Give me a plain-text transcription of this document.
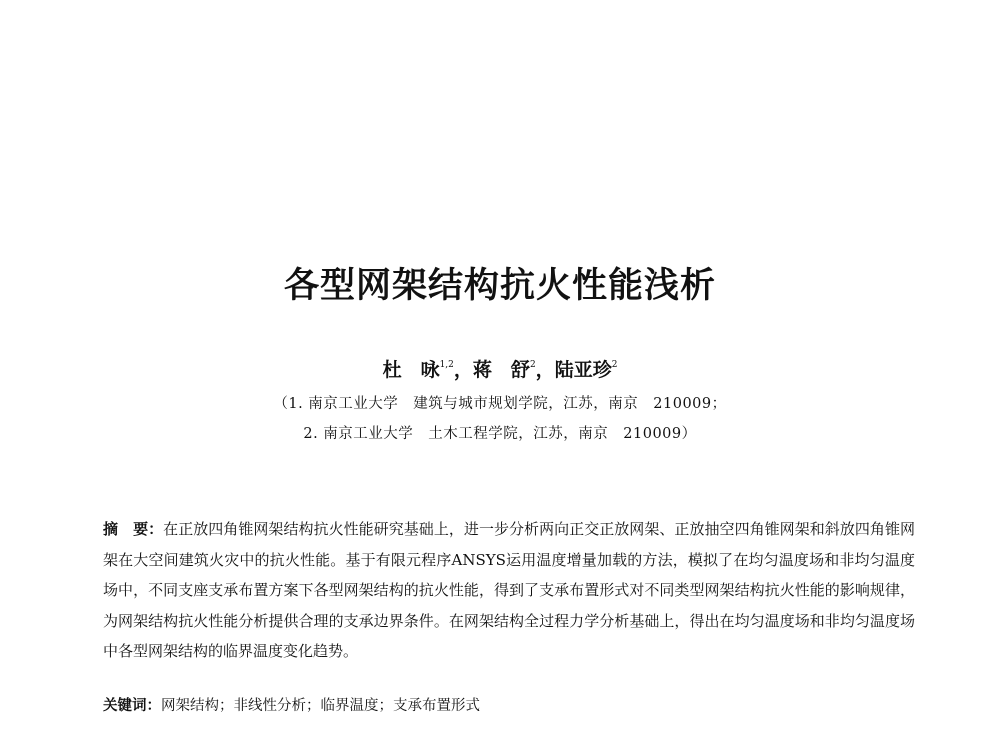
各型网架结构抗火性能浅析
杜　咏$^{1,2}$，蒋　舒$^2$，陆亚珍$^2$
（1. 南京工业大学　建筑与城市规划学院，江苏，南京　210009；
2. 南京工业大学　土木工程学院，江苏，南京　210009）
摘　要：在正放四角锥网架结构抗火性能研究基础上，进一步分析两向正交正放网架、正放抽空四角锥网架和斜放四角锥网架在大空间建筑火灾中的抗火性能。基于有限元程序ANSYS运用温度增量加载的方法，模拟了在均匀温度场和非均匀温度场中，不同支座支承布置方案下各型网架结构的抗火性能，得到了支承布置形式对不同类型网架结构抗火性能的影响规律，为网架结构抗火性能分析提供合理的支承边界条件。在网架结构全过程力学分析基础上，得出在均匀温度场和非均匀温度场中各型网架结构的临界温度变化趋势。
关键词：网架结构；非线性分析；临界温度；支承布置形式
